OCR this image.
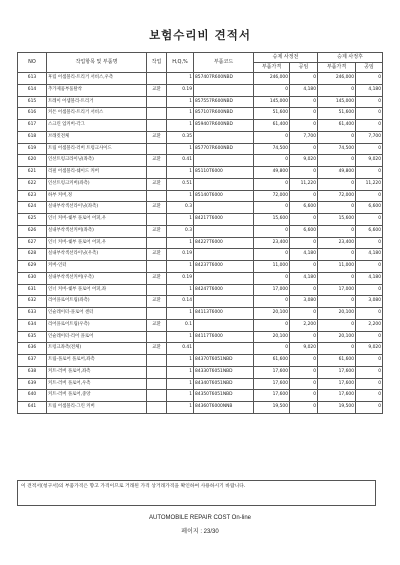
보험수리비 견적서
NO	작업항목 및 부품명	작업	H,Q,%	부품코드	승제 사정전		승제 사정후	
					부품가격	공임	부품가격	공임
613	후립 어셈블리-트리거 서비스,우측		1	857407R600NBD	246,000	0	246,000	0
614	추가제품부품탈착	교환	0.19		0	4,180	0	4,180
615	트레이 어셈블리-트리거		1	857557R600NBD	145,000	0	145,000	0
616	커튼 어셈블리-트리거 서비스		1	857107R600NBD	51,600	0	51,600	0
617	스크린 업커버-각그		1	859407R600NBD	61,400	0	61,400	0
618	브래킷전체	교환	0.35		0	7,700	0	7,700
619	트림 어셈블리-러버 트렁크사이드		1	857707R600NBD	74,500	0	74,500	0
620	인선트렁크라이닝(좌측)	교환	0.41		0	9,020	0	9,020
621	리필 어셈블리-쉐이드 커버		1	85110T6000	49,800	0	49,800	0
622	인선트렁크커버(좌측)	교환	0.51		0	11,220	0	11,220
623	하부 커버,정		1	85140T6000	72,000	0	72,000	0
624	실내부착섹션라이닝(좌측)	교환	0.3		0	6,600	0	6,600
625	인너 커버-쉐부 플로어 어퍼,우		1	84217T6000	15,600	0	15,600	0
626	실내부착섹션커버(좌측)	교환	0.3		0	6,600	0	6,600
627	인너 커버-쉐부 플로어 어퍼,우		1	84227T6000	23,400	0	23,400	0
628	실내부착섹션라이닝(우측)	교환	0.19		0	4,180	0	4,180
629	커버-인터		1	84237T6000	11,000	0	11,000	0
630	실내부착섹션커버(우측)	교환	0.19		0	4,180	0	4,180
631	인너 커버-쉐부 플로어 어퍼,좌		1	84247T6000	17,000	0	17,000	0
632	리어플로어트림(좌측)	교환	0.14		0	3,080	0	3,080
633	인슐레이터-플로어 센터		1	84113T6000	20,100	0	20,100	0
634	리어플로어트림(우측)	교환	0.1		0	2,200	0	2,200
635	인슐레이터-리어 플로어		1	84117T6000	20,100	0	20,100	0
636	트렁크좌측(전체)	교환	0.41		0	9,020	0	9,020
637	트림-플로어 플로어,좌측		1	84370T6051NBD	61,600	0	61,600	0
638	커트-러버 플로어,좌측		1	84330T6051NBD	17,600	0	17,600	0
639	커트-러버 플로어,우측		1	84340T6051NBD	17,600	0	17,600	0
640	커트-러버 플로어,중앙		1	84350T6051NBD	17,600	0	17,600	0
641	트림 어셈블리-그린 커버		1	84360T6000NNB	19,500	0	19,500	0
이 견적서(청구서)의 부품가격은 향고 가격이므로 거래된 가격 상거래가격을 확인하여 사용하시기 바랍니다.
AUTOMOBILE REPAIR COST On-line
페이지 : 23/30
